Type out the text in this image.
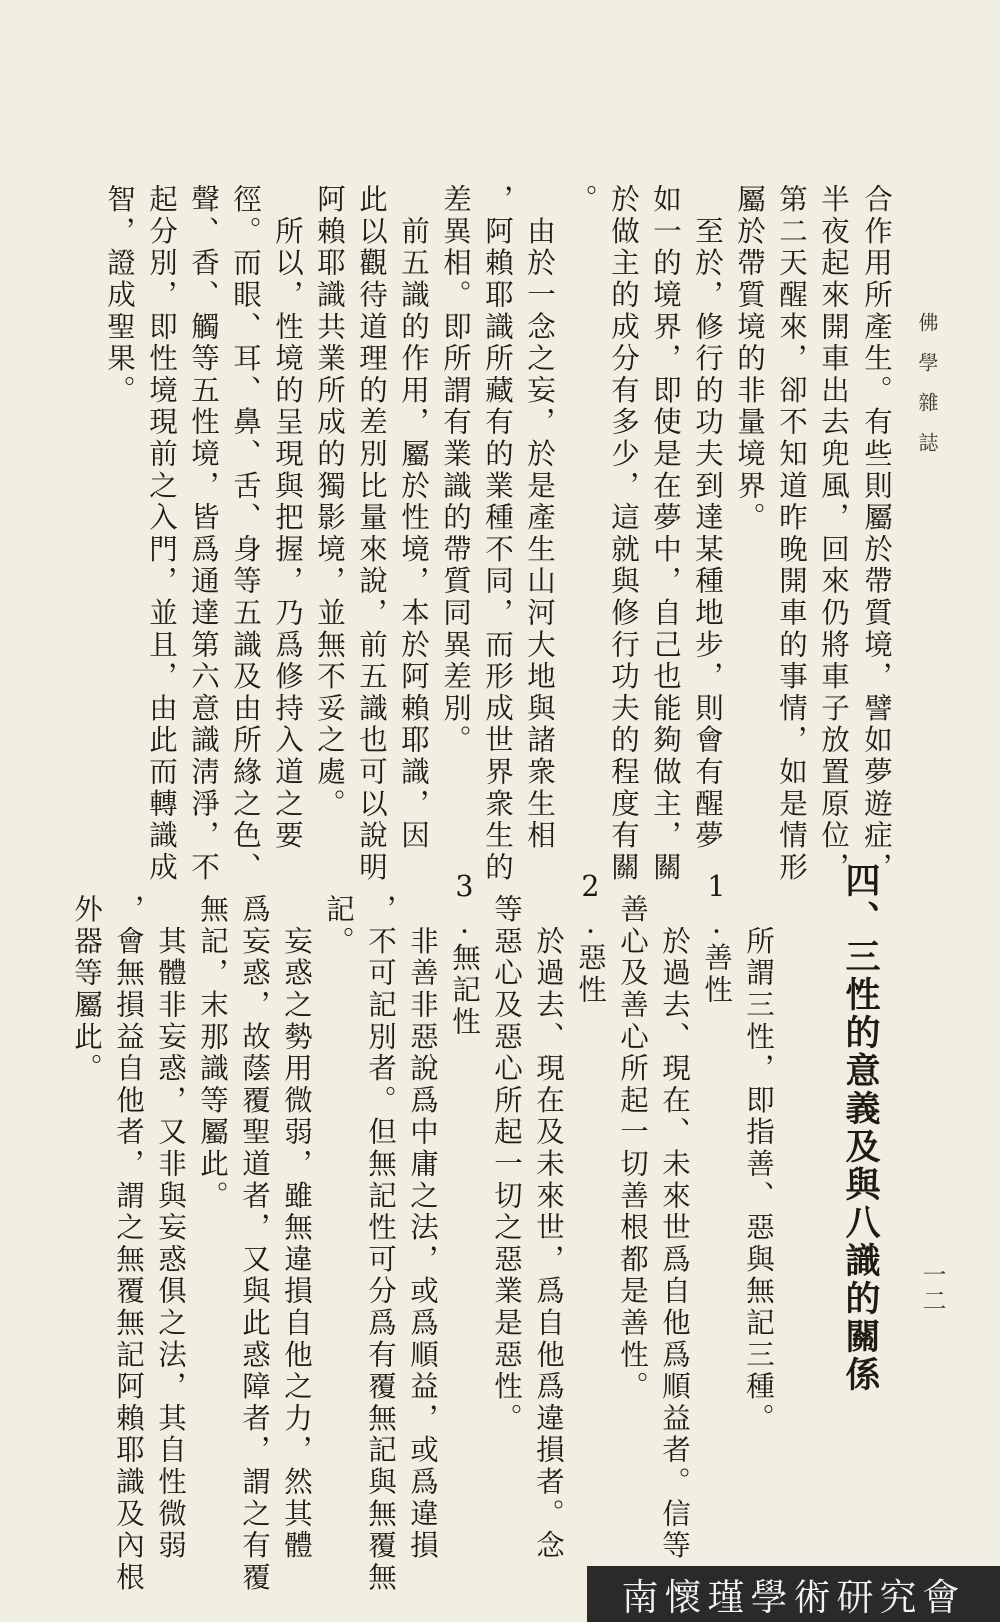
佛學雜誌
一二
合作用所產生。有些則屬於帶質境，譬如夢遊症，
半夜起來開車出去兜風，回來仍將車子放置原位，
第二天醒來，卻不知道昨晚開車的事情，如是情形
屬於帶質境的非量境界。
　至於，修行的功夫到達某種地步，則會有醒夢
如一的境界，即使是在夢中，自己也能夠做主，關
於做主的成分有多少，這就與修行功夫的程度有關
。
　由於一念之妄，於是產生山河大地與諸衆生相
，阿賴耶識所藏有的業種不同，而形成世界衆生的
差異相。即所謂有業識的帶質同異差別。
　前五識的作用，屬於性境，本於阿賴耶識，因
此以觀待道理的差別比量來說，前五識也可以說明
阿賴耶識共業所成的獨影境，並無不妥之處。
　所以，性境的呈現與把握，乃爲修持入道之要
徑。而眼、耳、鼻、舌、身等五識及由所緣之色、
聲、香、觸等五性境，皆爲通達第六意識淸淨，不
起分別，即性境現前之入門，並且，由此而轉識成
智，證成聖果。
四、三性的意義及與八識的關係
　所謂三性，即指善、惡與無記三種。
1.善性
　於過去、現在、未來世爲自他爲順益者。信等
善心及善心所起一切善根都是善性。
2.惡性
　於過去、現在及未來世，爲自他爲違損者。念
等惡心及惡心所起一切之惡業是惡性。
3.無記性
　非善非惡說爲中庸之法，或爲順益，或爲違損
，不可記別者。但無記性可分爲有覆無記與無覆無
記。
　妄惑之勢用微弱，雖無違損自他之力，然其體
爲妄惑，故蔭覆聖道者，又與此惑障者，謂之有覆
無記，末那識等屬此。
　其體非妄惑，又非與妄惑俱之法，其自性微弱
，會無損益自他者，謂之無覆無記阿賴耶識及內根
外器等屬此。
南懷瑾學術研究會
